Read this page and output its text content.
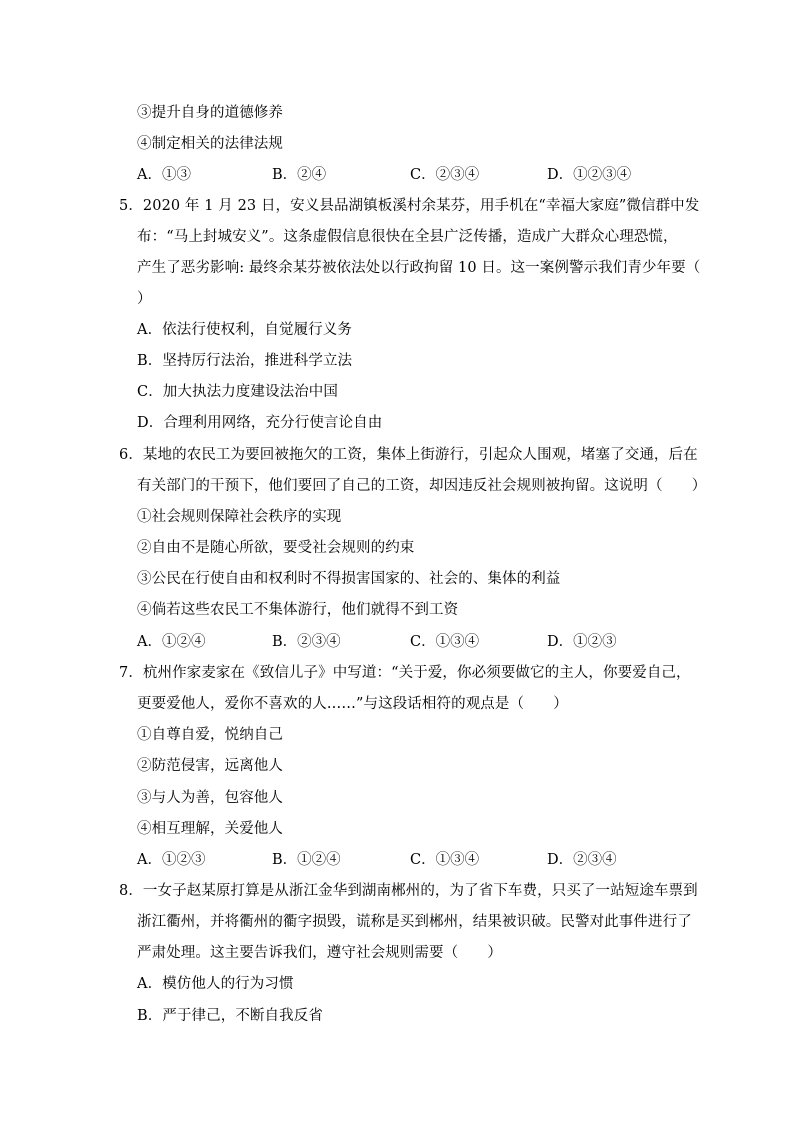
③提升自身的道德修养
④制定相关的法律法规
A．①③	B．②④	C．②③④	D．①②③④
5．2020 年 1 月 23 日，安义县品湖镇板溪村余某芬，用手机在“幸福大家庭”微信群中发
布：“马上封城安义”。这条虚假信息很快在全县广泛传播，造成广大群众心理恐慌，
产生了恶劣影响: 最终余某芬被依法处以行政拘留 10 日。这一案例警示我们青少年要（
）
A．依法行使权利，自觉履行义务
B．坚持厉行法治，推进科学立法
C．加大执法力度建设法治中国
D．合理利用网络，充分行使言论自由
6．某地的农民工为要回被拖欠的工资，集体上街游行，引起众人围观，堵塞了交通，后在
有关部门的干预下，他们要回了自己的工资，却因违反社会规则被拘留。这说明（　　）
①社会规则保障社会秩序的实现
②自由不是随心所欲，要受社会规则的约束
③公民在行使自由和权利时不得损害国家的、社会的、集体的利益
④倘若这些农民工不集体游行，他们就得不到工资
A．①②④	B．②③④	C．①③④	D．①②③
7．杭州作家麦家在《致信儿子》中写道：“关于爱，你必须要做它的主人，你要爱自己，
更要爱他人，爱你不喜欢的人……”与这段话相符的观点是（　　）
①自尊自爱，悦纳自己
②防范侵害，远离他人
③与人为善，包容他人
④相互理解，关爱他人
A．①②③	B．①②④	C．①③④	D．②③④
8．一女子赵某原打算是从浙江金华到湖南郴州的，为了省下车费，只买了一站短途车票到
浙江衢州，并将衢州的衢字损毁，谎称是买到郴州，结果被识破。民警对此事件进行了
严肃处理。这主要告诉我们，遵守社会规则需要（　　）
A．模仿他人的行为习惯
B．严于律己，不断自我反省
